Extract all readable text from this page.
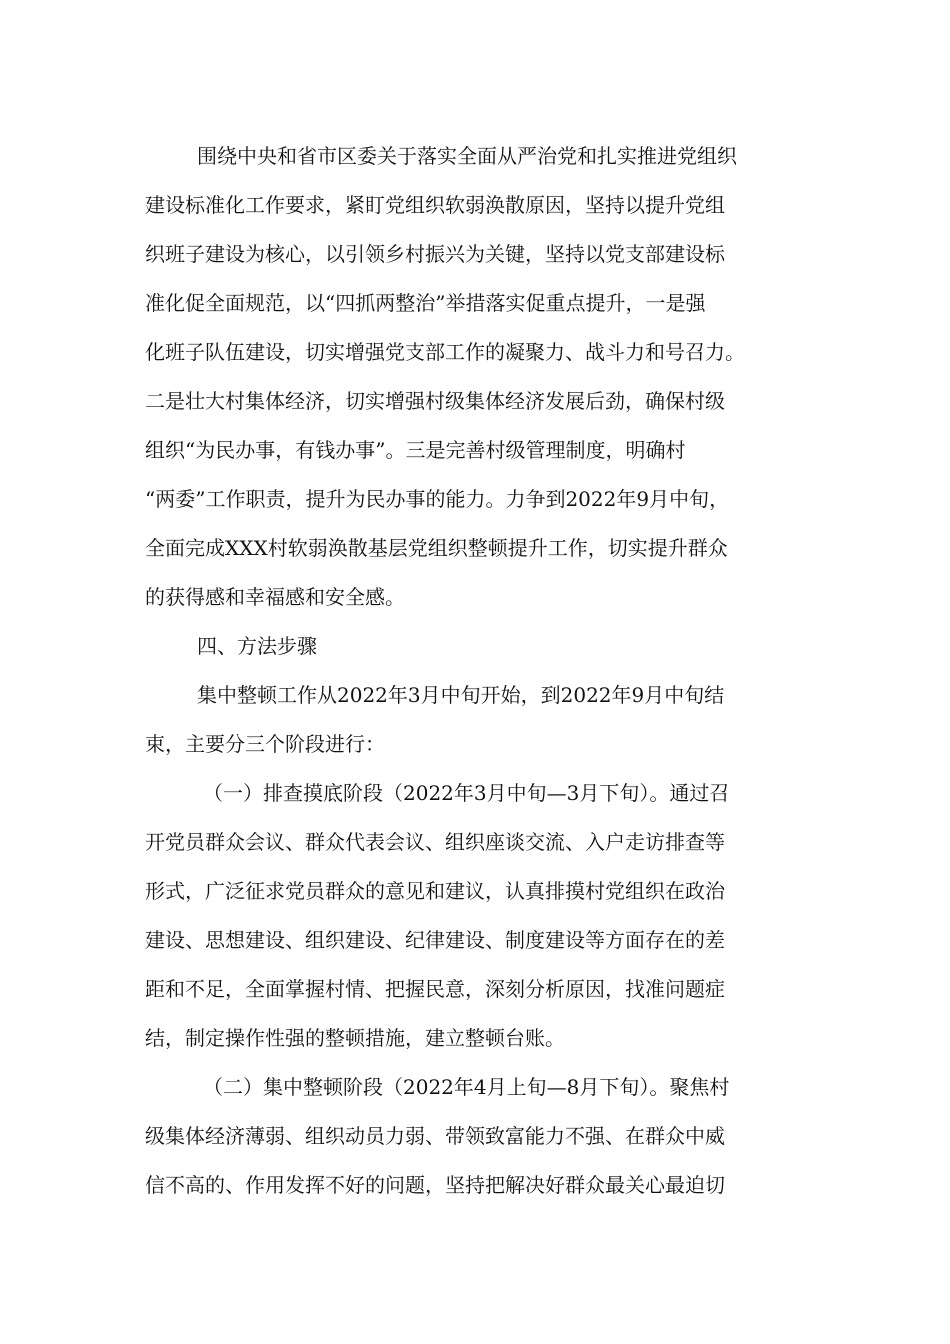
围绕中央和省市区委关于落实全面从严治党和扎实推进党组织
建设标准化工作要求，紧盯党组织软弱涣散原因，坚持以提升党组
织班子建设为核心，以引领乡村振兴为关键，坚持以党支部建设标
准化促全面规范，以“四抓两整治”举措落实促重点提升，一是强
化班子队伍建设，切实增强党支部工作的凝聚力、战斗力和号召力。
二是壮大村集体经济，切实增强村级集体经济发展后劲，确保村级
组织“为民办事，有钱办事”。三是完善村级管理制度，明确村
“两委”工作职责，提升为民办事的能力。力争到2022年9月中旬，
全面完成XXX村软弱涣散基层党组织整顿提升工作，切实提升群众
的获得感和幸福感和安全感。
四、方法步骤
集中整顿工作从2022年3月中旬开始，到2022年9月中旬结
束，主要分三个阶段进行：
（一）排查摸底阶段（2022年3月中旬—3月下旬）。通过召
开党员群众会议、群众代表会议、组织座谈交流、入户走访排查等
形式，广泛征求党员群众的意见和建议，认真排摸村党组织在政治
建设、思想建设、组织建设、纪律建设、制度建设等方面存在的差
距和不足，全面掌握村情、把握民意，深刻分析原因，找准问题症
结，制定操作性强的整顿措施，建立整顿台账。
（二）集中整顿阶段（2022年4月上旬—8月下旬）。聚焦村
级集体经济薄弱、组织动员力弱、带领致富能力不强、在群众中威
信不高的、作用发挥不好的问题，坚持把解决好群众最关心最迫切
